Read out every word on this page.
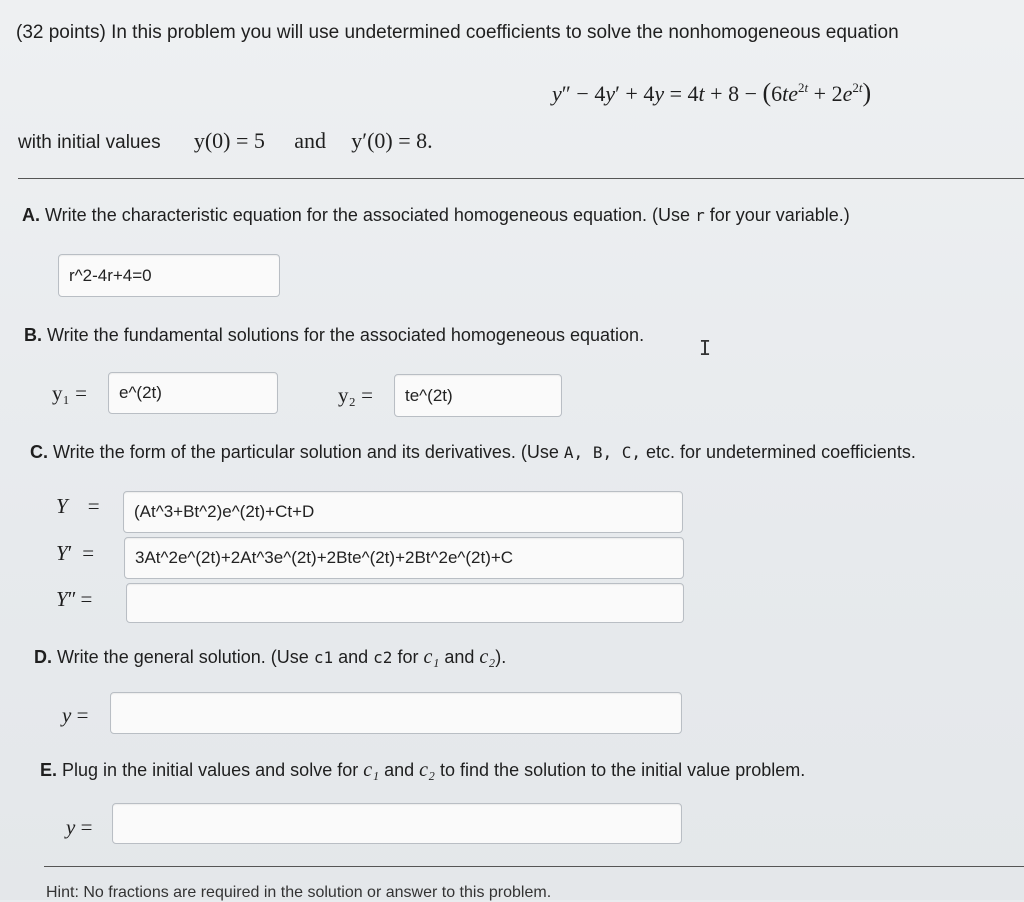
(32 points) In this problem you will use undetermined coefficients to solve the nonhomogeneous equation
$y'' - 4y' + 4y = 4t + 8 - (6te^{2t} + 2e^{2t})$
with initial values y(0) = 5 and y′(0) = 8.
A. Write the characteristic equation for the associated homogeneous equation. (Use r for your variable.)
r^2-4r+4=0
B. Write the fundamental solutions for the associated homogeneous equation.
I
y₁ = e^(2t)	y₂ = te^(2t)
C. Write the form of the particular solution and its derivatives. (Use A, B, C, etc. for undetermined coefficients.
Y = (At^3+Bt^2)e^(2t)+Ct+D
Y′ = 3At^2e^(2t)+2At^3e^(2t)+2Bte^(2t)+2Bt^2e^(2t)+C
Y″ =
D. Write the general solution. (Use c1 and c2 for c₁ and c₂).
y =
E. Plug in the initial values and solve for c₁ and c₂ to find the solution to the initial value problem.
y =
Hint: No fractions are required in the solution or answer to this problem.
